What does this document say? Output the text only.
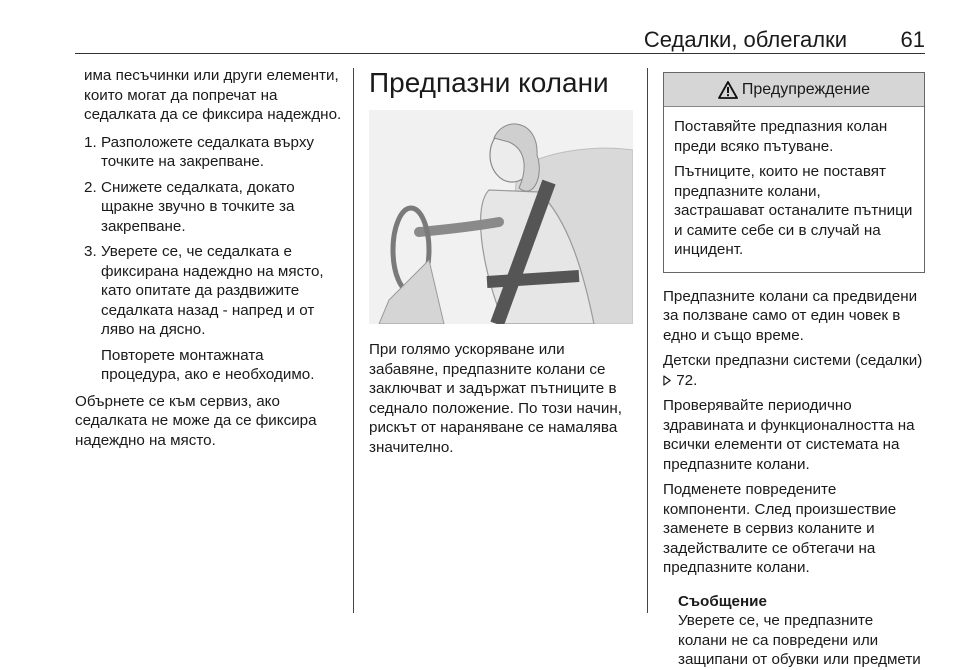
Седалки, облегалки 61

има песъчинки или други елементи, които могат да попречат на седалката да се фиксира надеждно.

1. Разположете седалката върху точките на закрепване.
2. Снижете седалката, докато щракне звучно в точките за закрепване.
3. Уверете се, че седалката е фиксирана надеждно на място, като опитате да раздвижите седалката назад - напред и от ляво на дясно.

Повторете монтажната процедура, ако е необходимо.

Обърнете се към сервиз, ако седалката не може да се фиксира надеждно на място.

Предпазни колани

При голямо ускоряване или забавяне, предпазните колани се заключват и задържат пътниците в седнало положение. По този начин, рискът от нараняване се намалява значително.

Предупреждение

Поставяйте предпазния колан преди всяко пътуване.

Пътниците, които не поставят предпазните колани, застрашават останалите пътници и самите себе си в случай на инцидент.

Предпазните колани са предвидени за ползване само от един човек в едно и също време.

Детски предпазни системи (седалки)  72.

Проверявайте периодично здравината и функционалността на всички елементи от системата на предпазните колани.

Подменете повредените компоненти. След произшествие заменете в сервиз коланите и задействалите се обтегачи на предпазните колани.

Съобщение
Уверете се, че предпазните колани не са повредени или защипани от обувки или предмети
